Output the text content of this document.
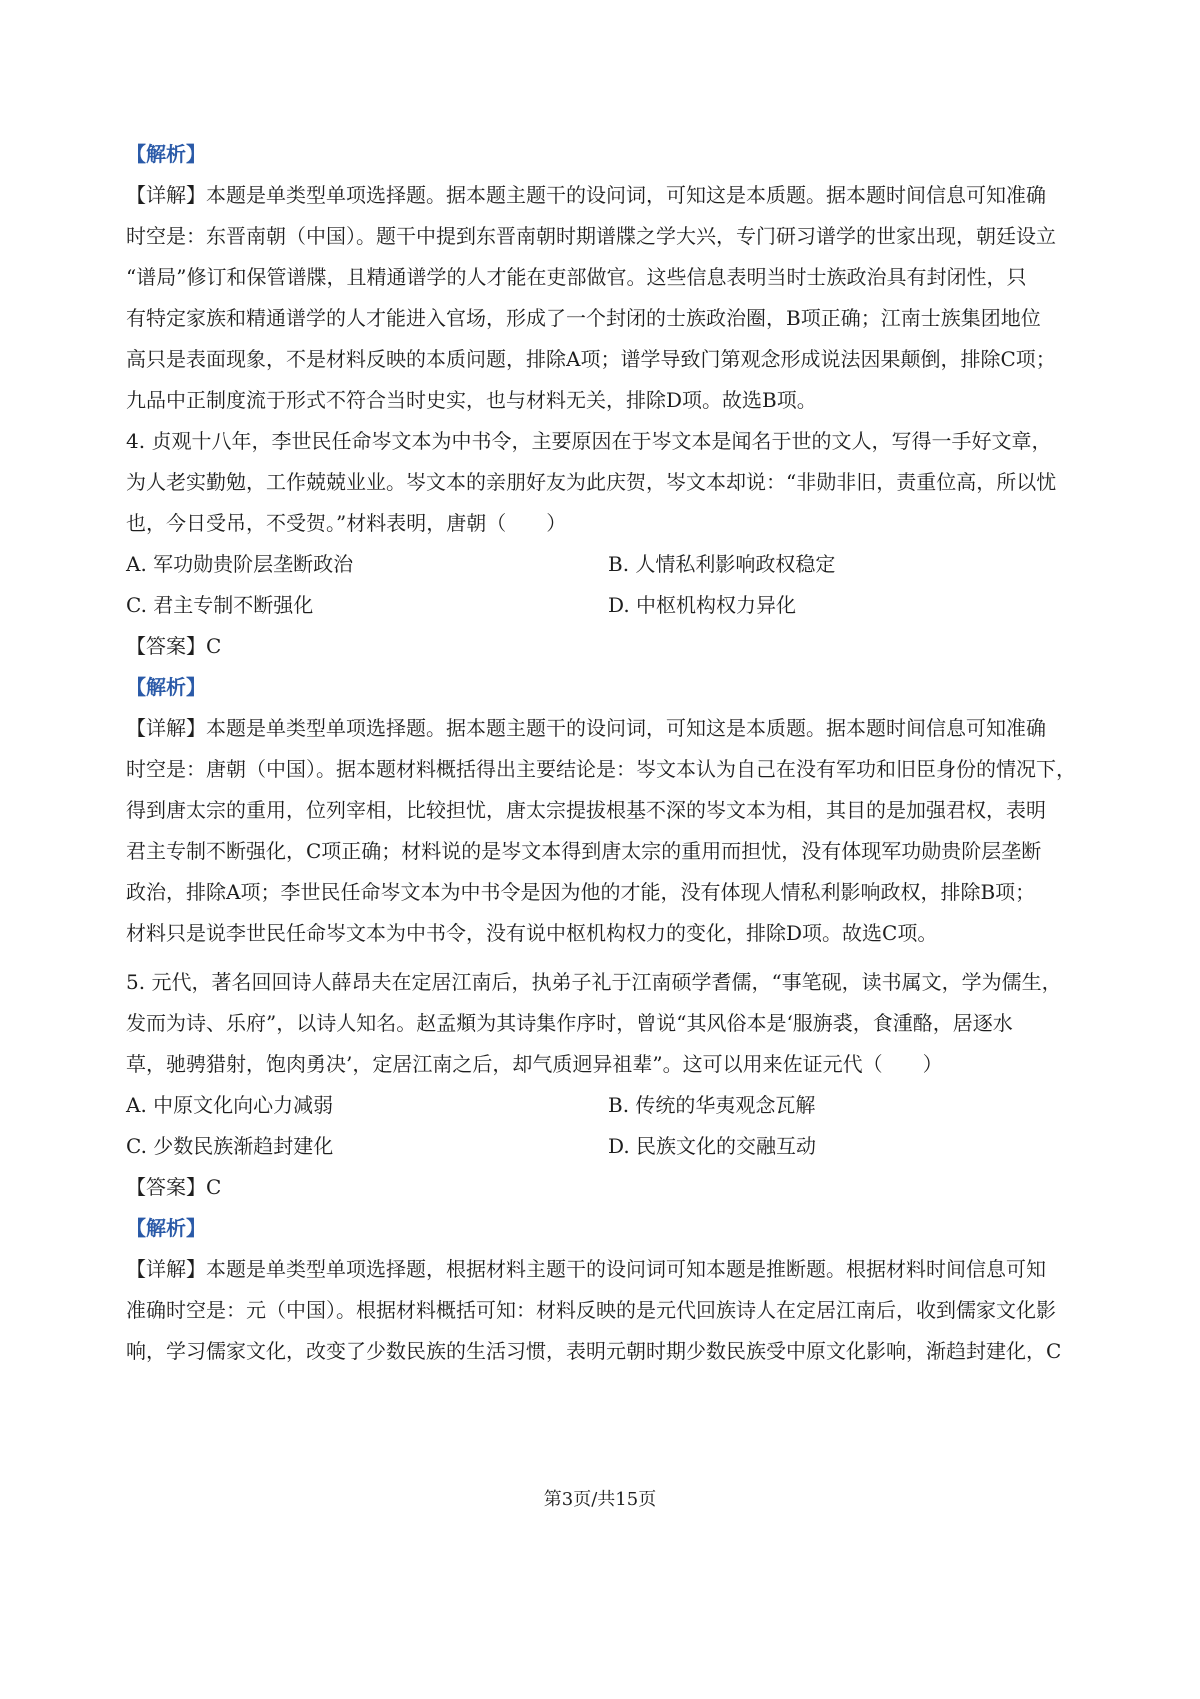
【解析】
【详解】本题是单类型单项选择题。据本题主题干的设问词，可知这是本质题。据本题时间信息可知准确
时空是：东晋南朝（中国）。题干中提到东晋南朝时期谱牒之学大兴，专门研习谱学的世家出现，朝廷设立
“谱局”修订和保管谱牒，且精通谱学的人才能在吏部做官。这些信息表明当时士族政治具有封闭性，只
有特定家族和精通谱学的人才能进入官场，形成了一个封闭的士族政治圈，B项正确；江南士族集团地位
高只是表面现象，不是材料反映的本质问题，排除A项；谱学导致门第观念形成说法因果颠倒，排除C项；
九品中正制度流于形式不符合当时史实，也与材料无关，排除D项。故选B项。
4. 贞观十八年，李世民任命岑文本为中书令，主要原因在于岑文本是闻名于世的文人，写得一手好文章，
为人老实勤勉，工作兢兢业业。岑文本的亲朋好友为此庆贺，岑文本却说：“非勋非旧，责重位高，所以忧
也，今日受吊，不受贺。”材料表明，唐朝（　　）
A. 军功勋贵阶层垄断政治	B. 人情私利影响政权稳定
C. 君主专制不断强化	D. 中枢机构权力异化
【答案】C
【解析】
【详解】本题是单类型单项选择题。据本题主题干的设问词，可知这是本质题。据本题时间信息可知准确
时空是：唐朝（中国）。据本题材料概括得出主要结论是：岑文本认为自己在没有军功和旧臣身份的情况下，
得到唐太宗的重用，位列宰相，比较担忧，唐太宗提拔根基不深的岑文本为相，其目的是加强君权，表明
君主专制不断强化，C项正确；材料说的是岑文本得到唐太宗的重用而担忧，没有体现军功勋贵阶层垄断
政治，排除A项；李世民任命岑文本为中书令是因为他的才能，没有体现人情私利影响政权，排除B项；
材料只是说李世民任命岑文本为中书令，没有说中枢机构权力的变化，排除D项。故选C项。
5. 元代，著名回回诗人薛昂夫在定居江南后，执弟子礼于江南硕学耆儒，“事笔砚，读书属文，学为儒生，
发而为诗、乐府”，以诗人知名。赵孟頫为其诗集作序时，曾说“其风俗本是‘服旃裘，食湩酪，居逐水
草，驰骋猎射，饱肉勇决’，定居江南之后，却气质迥异祖辈”。这可以用来佐证元代（　　）
A. 中原文化向心力减弱	B. 传统的华夷观念瓦解
C. 少数民族渐趋封建化	D. 民族文化的交融互动
【答案】C
【解析】
【详解】本题是单类型单项选择题，根据材料主题干的设问词可知本题是推断题。根据材料时间信息可知
准确时空是：元（中国）。根据材料概括可知：材料反映的是元代回族诗人在定居江南后，收到儒家文化影
响，学习儒家文化，改变了少数民族的生活习惯，表明元朝时期少数民族受中原文化影响，渐趋封建化，C
第3页/共15页
